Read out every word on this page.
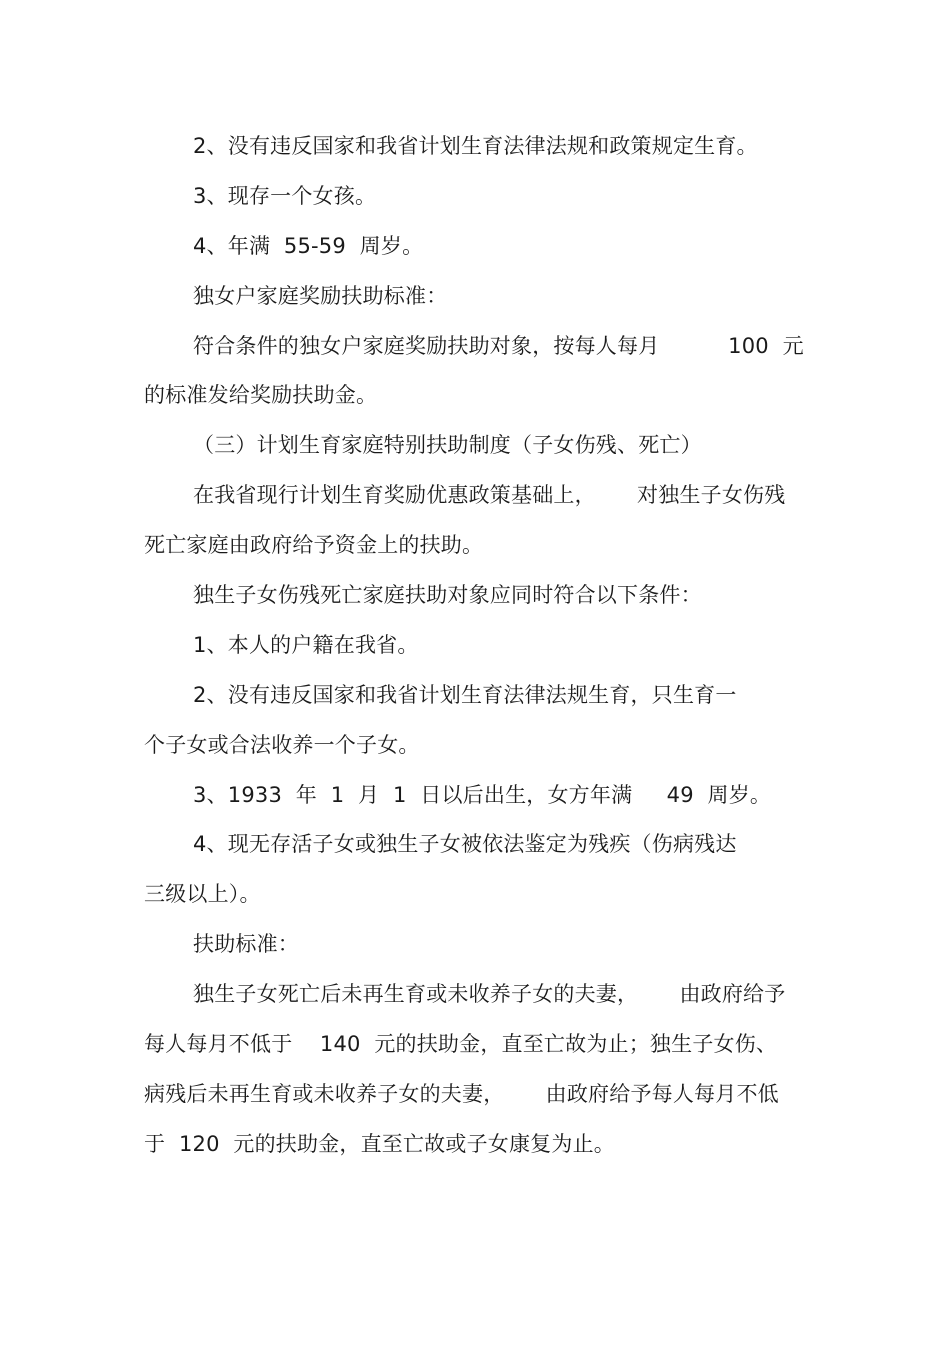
2、没有违反国家和我省计划生育法律法规和政策规定生育。
3、现存一个女孩。
4、年满  55-59  周岁。
独女户家庭奖励扶助标准：
符合条件的独女户家庭奖励扶助对象，按每人每月          100  元
的标准发给奖励扶助金。
（三）计划生育家庭特别扶助制度（子女伤残、死亡）
在我省现行计划生育奖励优惠政策基础上，      对独生子女伤残
死亡家庭由政府给予资金上的扶助。
独生子女伤残死亡家庭扶助对象应同时符合以下条件：
1、本人的户籍在我省。
2、没有违反国家和我省计划生育法律法规生育，只生育一
个子女或合法收养一个子女。
3、1933  年  1  月  1  日以后出生，女方年满     49  周岁。
4、现无存活子女或独生子女被依法鉴定为残疾（伤病残达
三级以上）。
扶助标准：
独生子女死亡后未再生育或未收养子女的夫妻，      由政府给予
每人每月不低于    140  元的扶助金，直至亡故为止；独生子女伤、
病残后未再生育或未收养子女的夫妻，      由政府给予每人每月不低
于  120  元的扶助金，直至亡故或子女康复为止。
